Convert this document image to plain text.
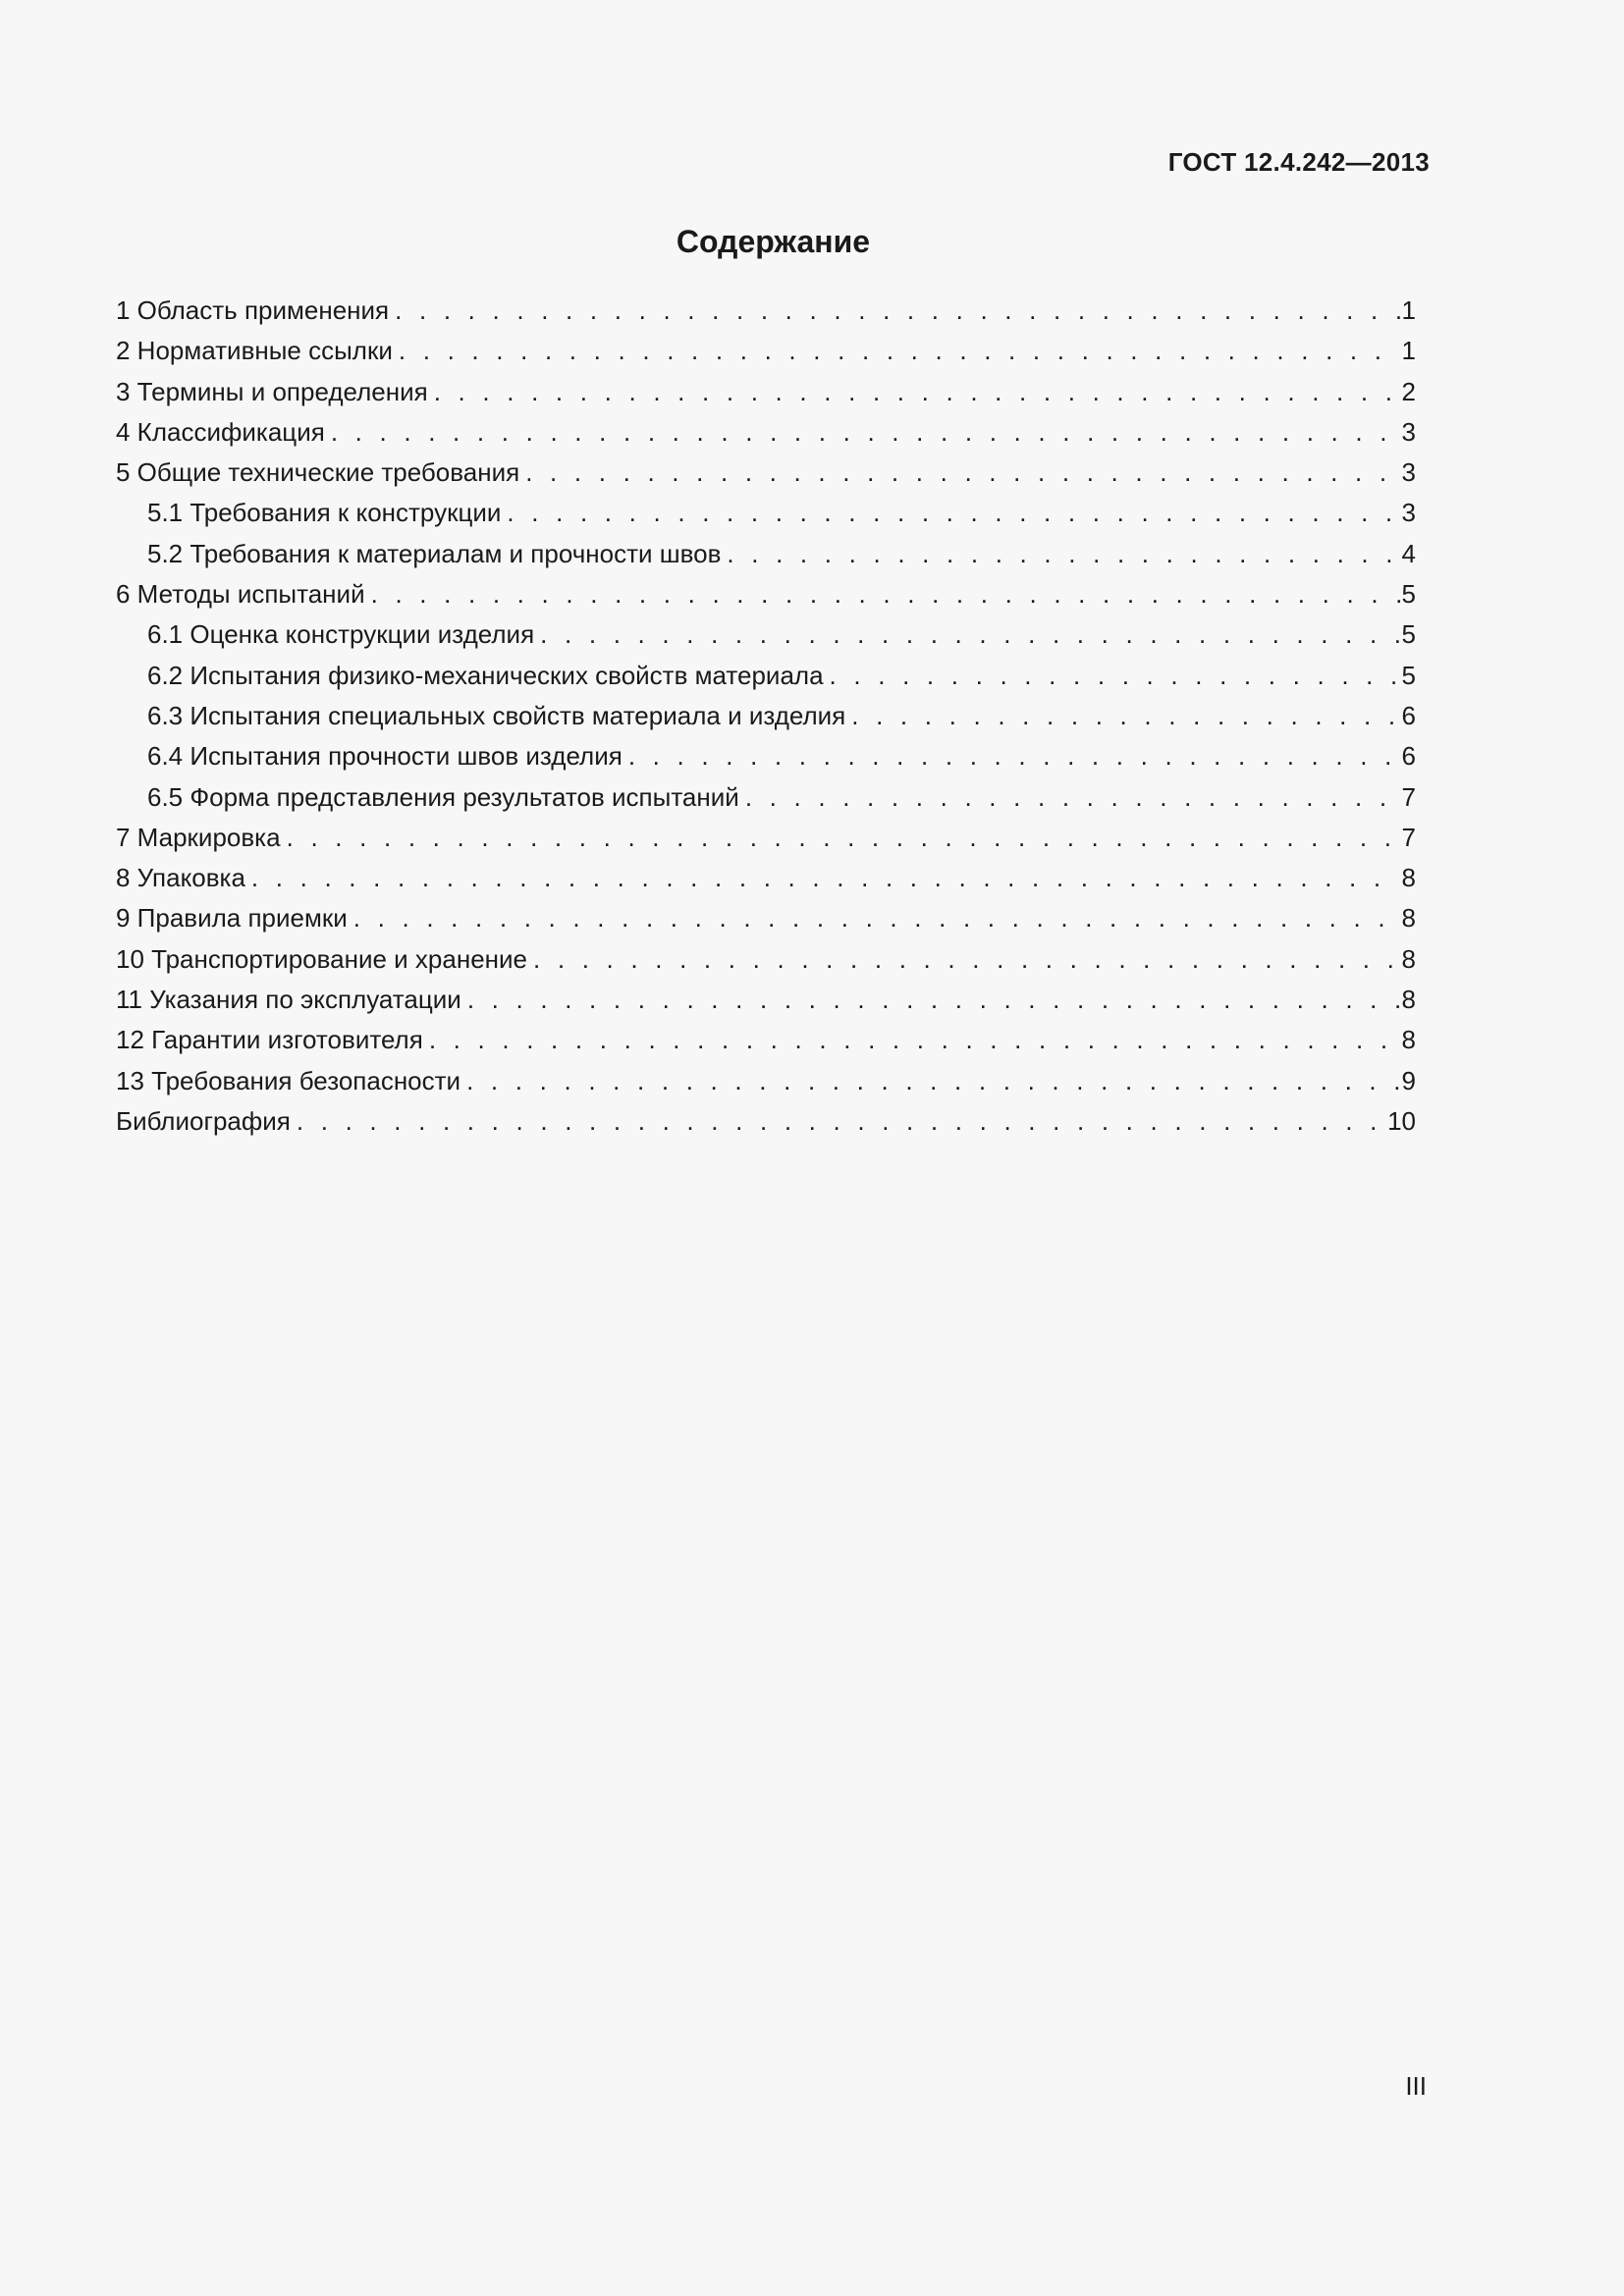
ГОСТ 12.4.242—2013
Содержание
1 Область применения . . .	1
2 Нормативные ссылки . . .	1
3 Термины и определения . . .	2
4 Классификация . . .	3
5 Общие технические требования . . .	3
5.1 Требования к конструкции . . .	3
5.2 Требования к материалам и прочности швов . . .	4
6 Методы испытаний . . .	5
6.1 Оценка конструкции изделия . . .	5
6.2 Испытания физико-механических свойств материала . . .	5
6.3 Испытания специальных свойств материала и изделия . . .	6
6.4 Испытания прочности швов изделия . . .	6
6.5 Форма представления результатов испытаний . . .	7
7 Маркировка . . .	7
8 Упаковка . . .	8
9 Правила приемки . . .	8
10 Транспортирование и хранение . . .	8
11 Указания по эксплуатации . . .	8
12 Гарантии изготовителя . . .	8
13 Требования безопасности . . .	9
Библиография . . .	10
III
